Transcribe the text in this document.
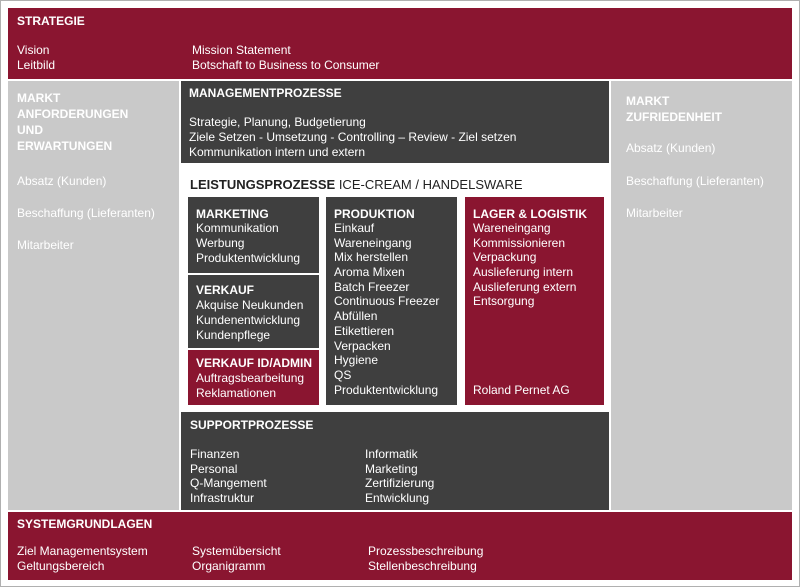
STRATEGIE
Vision
Leitbild
Mission Statement
Botschaft to Business to Consumer
MARKT
ANFORDERUNGEN
UND
ERWARTUNGEN
Absatz (Kunden)
Beschaffung (Lieferanten)
Mitarbeiter
MARKT
ZUFRIEDENHEIT
Absatz (Kunden)
Beschaffung (Lieferanten)
Mitarbeiter
MANAGEMENTPROZESSE
Strategie, Planung, Budgetierung
Ziele Setzen - Umsetzung - Controlling – Review - Ziel setzen
Kommunikation intern und extern
LEISTUNGSPROZESSE ICE-CREAM / HANDELSWARE
MARKETING
Kommunikation
Werbung
Produktentwicklung
VERKAUF
Akquise Neukunden
Kundenentwicklung
Kundenpflege
VERKAUF ID/ADMIN
Auftragsbearbeitung
Reklamationen
PRODUKTION
Einkauf
Wareneingang
Mix herstellen
Aroma Mixen
Batch Freezer
Continuous Freezer
Abfüllen
Etikettieren
Verpacken
Hygiene
QS
Produktentwicklung
LAGER & LOGISTIK
Wareneingang
Kommissionieren
Verpackung
Auslieferung intern
Auslieferung extern
Entsorgung
Roland Pernet AG
SUPPORTPROZESSE
Finanzen
Personal
Q-Mangement
Infrastruktur
Informatik
Marketing
Zertifizierung
Entwicklung
SYSTEMGRUNDLAGEN
Ziel Managementsystem
Geltungsbereich
Systemübersicht
Organigramm
Prozessbeschreibung
Stellenbeschreibung
